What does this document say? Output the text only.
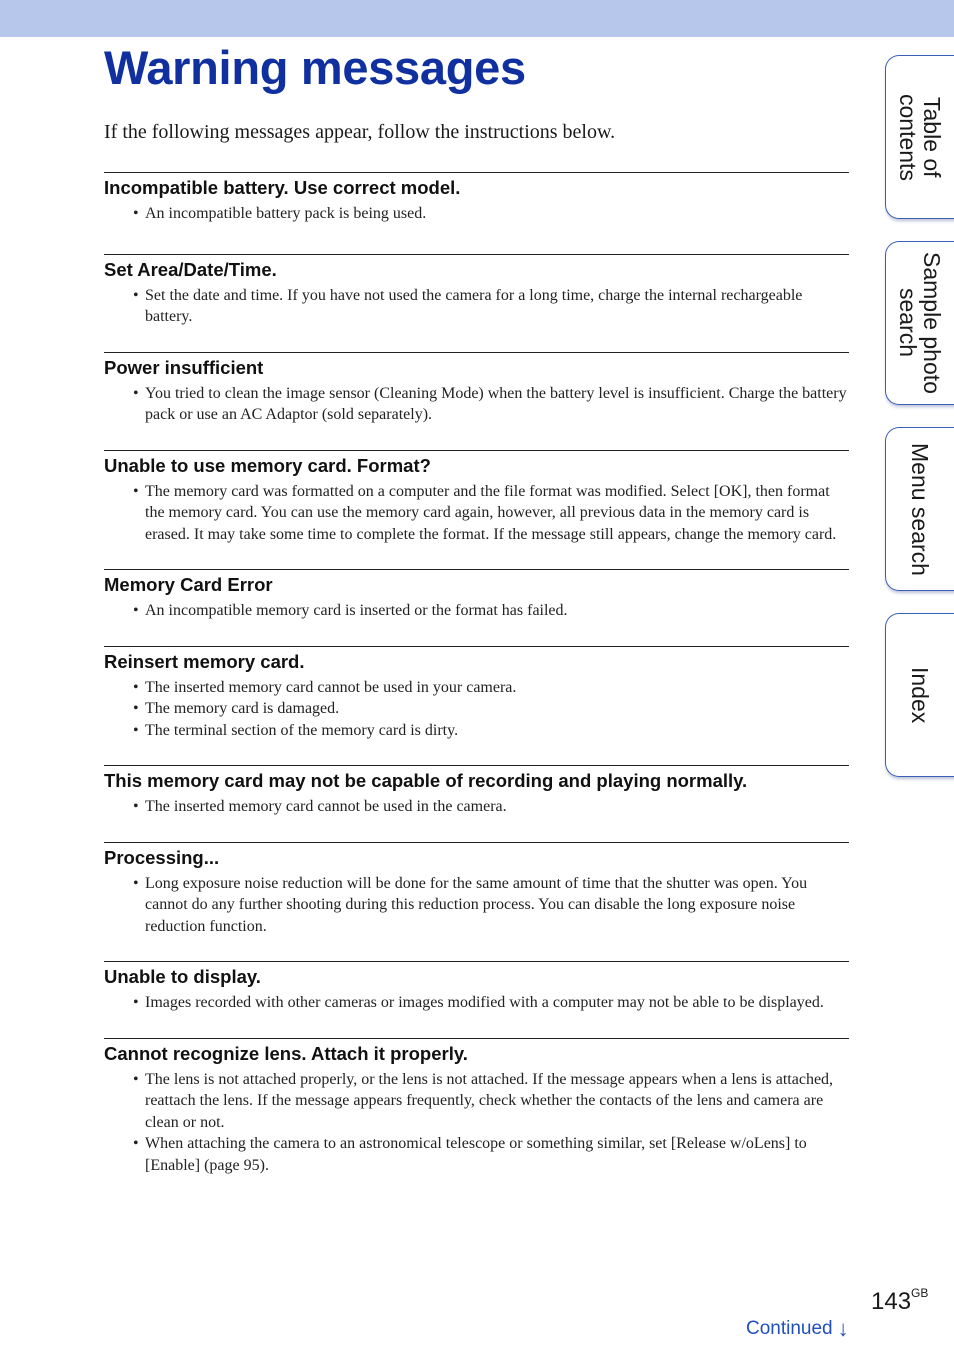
Warning messages

If the following messages appear, follow the instructions below.

Incompatible battery. Use correct model.
• An incompatible battery pack is being used.
Set Area/Date/Time.
• Set the date and time. If you have not used the camera for a long time, charge the internal rechargeable battery.
Power insufficient
• You tried to clean the image sensor (Cleaning Mode) when the battery level is insufficient. Charge the battery pack or use an AC Adaptor (sold separately).
Unable to use memory card. Format?
• The memory card was formatted on a computer and the file format was modified. Select [OK], then format the memory card. You can use the memory card again, however, all previous data in the memory card is erased. It may take some time to complete the format. If the message still appears, change the memory card.
Memory Card Error
• An incompatible memory card is inserted or the format has failed.
Reinsert memory card.
• The inserted memory card cannot be used in your camera.
• The memory card is damaged.
• The terminal section of the memory card is dirty.
This memory card may not be capable of recording and playing normally.
• The inserted memory card cannot be used in the camera.
Processing...
• Long exposure noise reduction will be done for the same amount of time that the shutter was open. You cannot do any further shooting during this reduction process. You can disable the long exposure noise reduction function.
Unable to display.
• Images recorded with other cameras or images modified with a computer may not be able to be displayed.
Cannot recognize lens. Attach it properly.
• The lens is not attached properly, or the lens is not attached. If the message appears when a lens is attached, reattach the lens. If the message appears frequently, check whether the contacts of the lens and camera are clean or not.
• When attaching the camera to an astronomical telescope or something similar, set [Release w/oLens] to [Enable] (page 95).
Table of
contents
Sample photo
search
Menu search
Index
$143^{GB}$
Continued ↓
